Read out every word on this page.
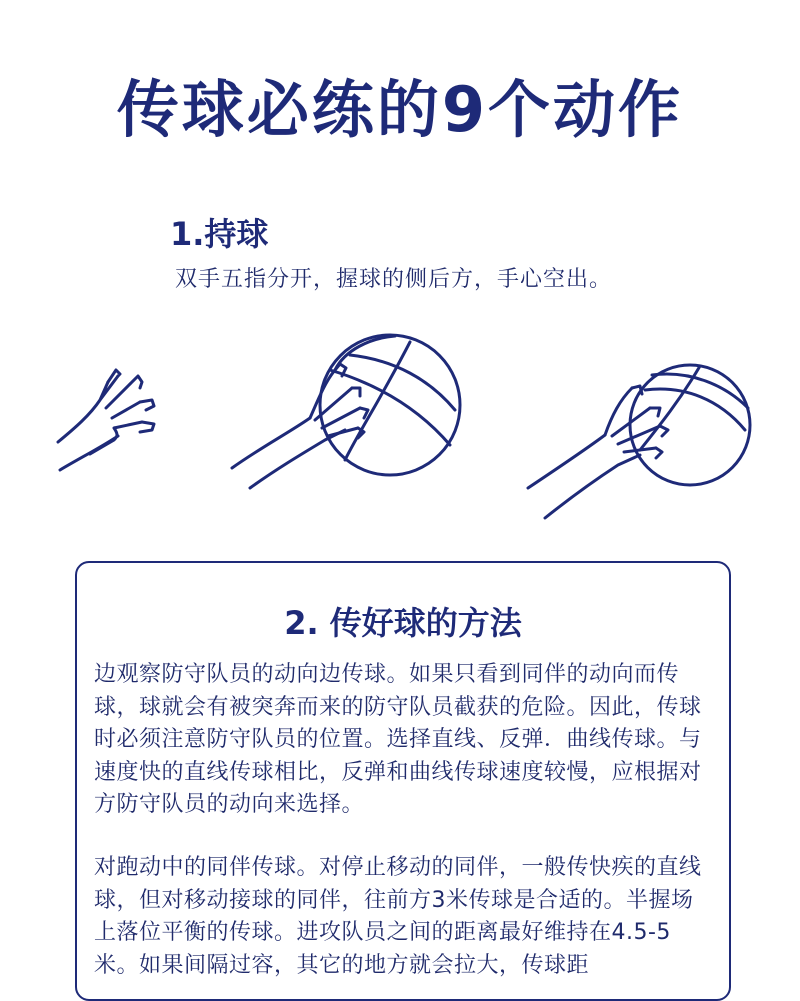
传球必练的9个动作
1.持球
双手五指分开，握球的侧后方，手心空出。
2. 传好球的方法

边观察防守队员的动向边传球。如果只看到同伴的动向而传球，球就会有被突奔而来的防守队员截获的危险。因此，传球时必须注意防守队员的位置。选择直线、反弹．曲线传球。与速度快的直线传球相比，反弹和曲线传球速度较慢，应根据对方防守队员的动向来选择。

对跑动中的同伴传球。对停止移动的同伴，一般传快疾的直线球，但对移动接球的同伴，往前方3米传球是合适的。半握场上落位平衡的传球。进攻队员之间的距离最好维持在4.5-5米。如果间隔过容，其它的地方就会拉大，传球距
